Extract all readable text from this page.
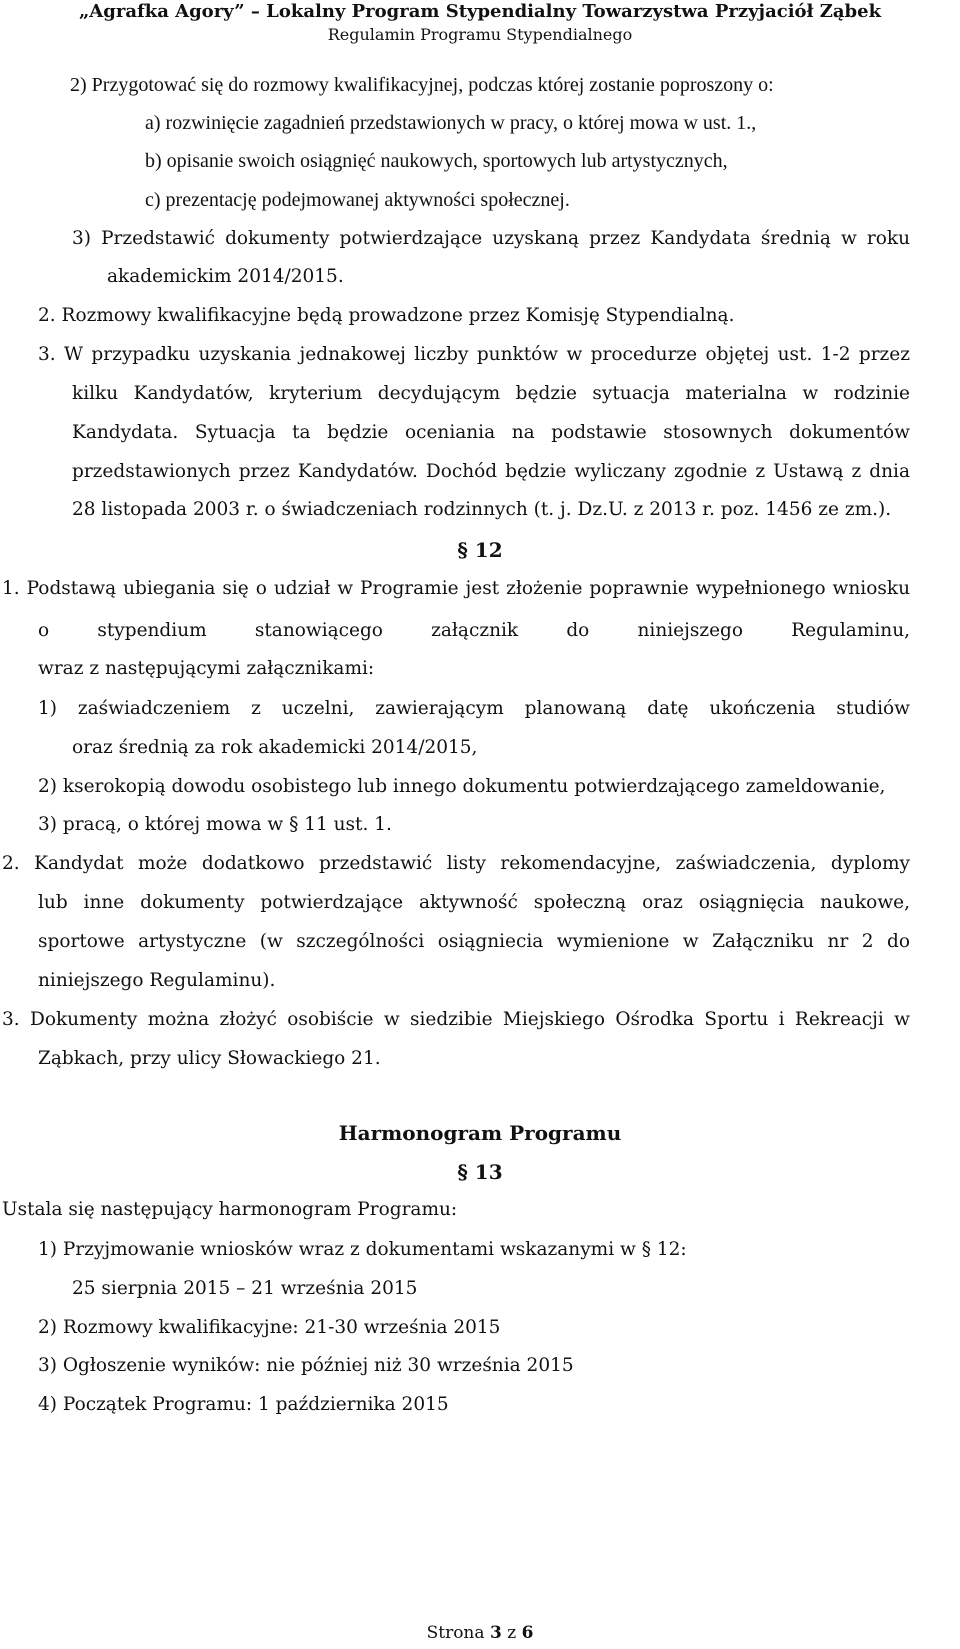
„Agrafka Agory” – Lokalny Program Stypendialny Towarzystwa Przyjaciół Ząbek
Regulamin Programu Stypendialnego
2) Przygotować się do rozmowy kwalifikacyjnej, podczas której zostanie poproszony o:
a) rozwinięcie zagadnień przedstawionych w pracy, o której mowa w ust. 1.,
b) opisanie swoich osiągnięć naukowych, sportowych lub artystycznych,
c) prezentację podejmowanej aktywności społecznej.
3) Przedstawić dokumenty potwierdzające uzyskaną przez Kandydata średnią w roku
akademickim 2014/2015.
2. Rozmowy kwalifikacyjne będą prowadzone przez Komisję Stypendialną.
3. W przypadku uzyskania jednakowej liczby punktów w procedurze objętej ust. 1-2 przez
kilku Kandydatów, kryterium decydującym będzie sytuacja materialna w rodzinie
Kandydata. Sytuacja ta będzie oceniania na podstawie stosownych dokumentów
przedstawionych przez Kandydatów. Dochód będzie wyliczany zgodnie z Ustawą z dnia
28 listopada 2003 r. o świadczeniach rodzinnych (t. j. Dz.U. z 2013 r. poz. 1456 ze zm.).
§ 12
1. Podstawą ubiegania się o udział w Programie jest złożenie poprawnie wypełnionego wniosku
o stypendium stanowiącego załącznik do niniejszego Regulaminu,
wraz z następującymi załącznikami:
1) zaświadczeniem z uczelni, zawierającym planowaną datę ukończenia studiów
oraz średnią za rok akademicki 2014/2015,
2) kserokopią dowodu osobistego lub innego dokumentu potwierdzającego zameldowanie,
3) pracą, o której mowa w § 11 ust. 1.
2. Kandydat może dodatkowo przedstawić listy rekomendacyjne, zaświadczenia, dyplomy
lub inne dokumenty potwierdzające aktywność społeczną oraz osiągnięcia naukowe,
sportowe artystyczne (w szczególności osiągniecia wymienione w Załączniku nr 2 do
niniejszego Regulaminu).
3. Dokumenty można złożyć osobiście w siedzibie Miejskiego Ośrodka Sportu i Rekreacji w
Ząbkach, przy ulicy Słowackiego 21.
Harmonogram Programu
§ 13
Ustala się następujący harmonogram Programu:
1) Przyjmowanie wniosków wraz z dokumentami wskazanymi w § 12:
25 sierpnia 2015 – 21 września 2015
2) Rozmowy kwalifikacyjne: 21-30 września 2015
3) Ogłoszenie wyników: nie później niż 30 września 2015
4) Początek Programu: 1 października 2015
Strona 3 z 6
